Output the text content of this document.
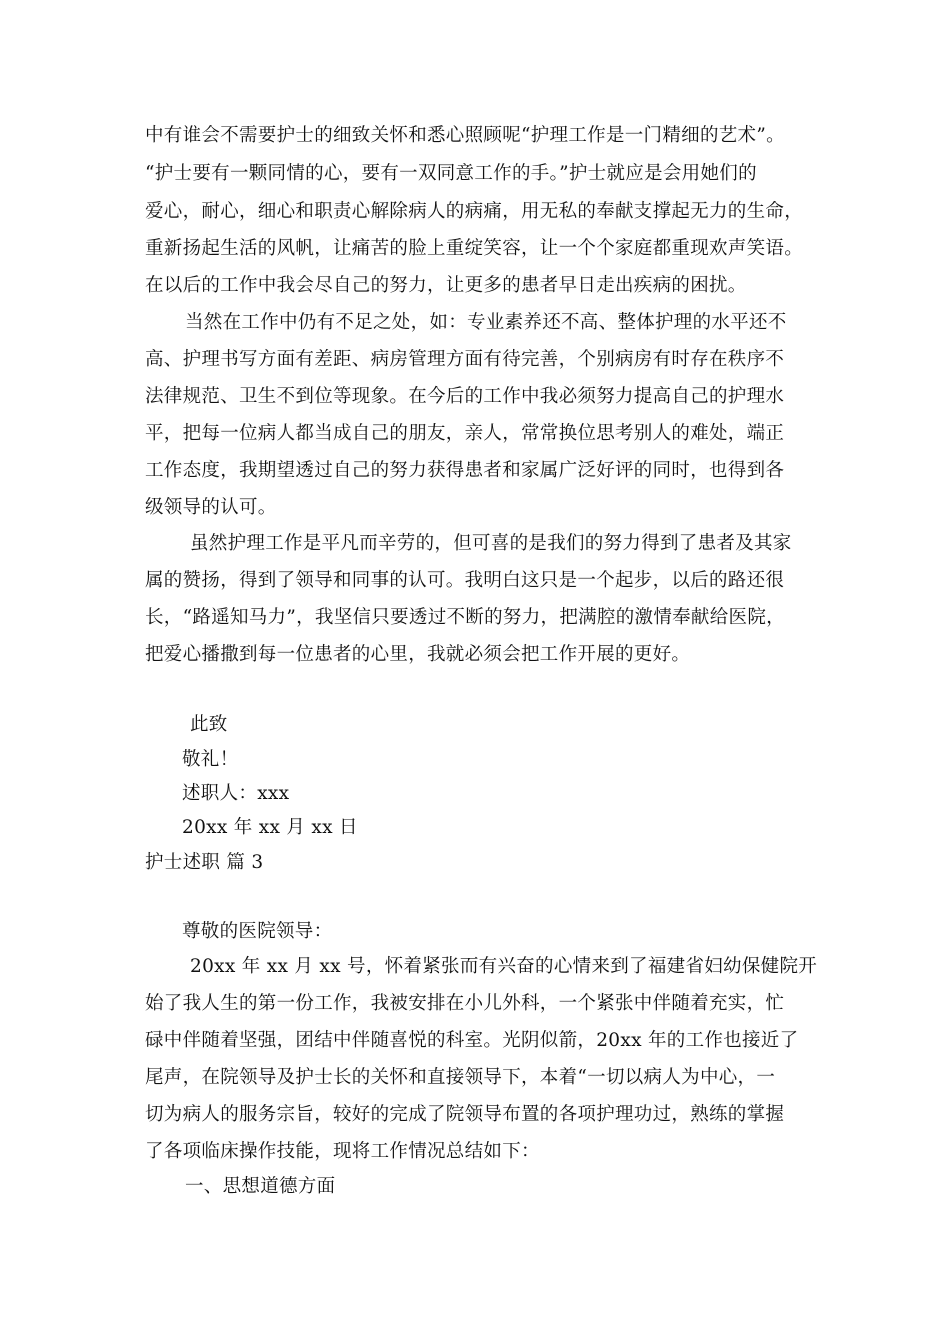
中有谁会不需要护士的细致关怀和悉心照顾呢“护理工作是一门精细的艺术”。
“护士要有一颗同情的心，要有一双同意工作的手。”护士就应是会用她们的
爱心，耐心，细心和职责心解除病人的病痛，用无私的奉献支撑起无力的生命，
重新扬起生活的风帆，让痛苦的脸上重绽笑容，让一个个家庭都重现欢声笑语。
在以后的工作中我会尽自己的努力，让更多的患者早日走出疾病的困扰。
当然在工作中仍有不足之处，如：专业素养还不高、整体护理的水平还不
高、护理书写方面有差距、病房管理方面有待完善，个别病房有时存在秩序不
法律规范、卫生不到位等现象。在今后的工作中我必须努力提高自己的护理水
平，把每一位病人都当成自己的朋友，亲人，常常换位思考别人的难处，端正
工作态度，我期望透过自己的努力获得患者和家属广泛好评的同时，也得到各
级领导的认可。
虽然护理工作是平凡而辛劳的，但可喜的是我们的努力得到了患者及其家
属的赞扬，得到了领导和同事的认可。我明白这只是一个起步，以后的路还很
长，“路遥知马力”，我坚信只要透过不断的努力，把满腔的激情奉献给医院，
把爱心播撒到每一位患者的心里，我就必须会把工作开展的更好。
此致
敬礼！
述职人：xxx
20xx 年 xx 月 xx 日
护士述职 篇 3
尊敬的医院领导：
20xx 年 xx 月 xx 号，怀着紧张而有兴奋的心情来到了福建省妇幼保健院开
始了我人生的第一份工作，我被安排在小儿外科，一个紧张中伴随着充实，忙
碌中伴随着坚强，团结中伴随喜悦的科室。光阴似箭，20xx 年的工作也接近了
尾声，在院领导及护士长的关怀和直接领导下，本着“一切以病人为中心，一
切为病人的服务宗旨，较好的完成了院领导布置的各项护理功过，熟练的掌握
了各项临床操作技能，现将工作情况总结如下：
一、思想道德方面
